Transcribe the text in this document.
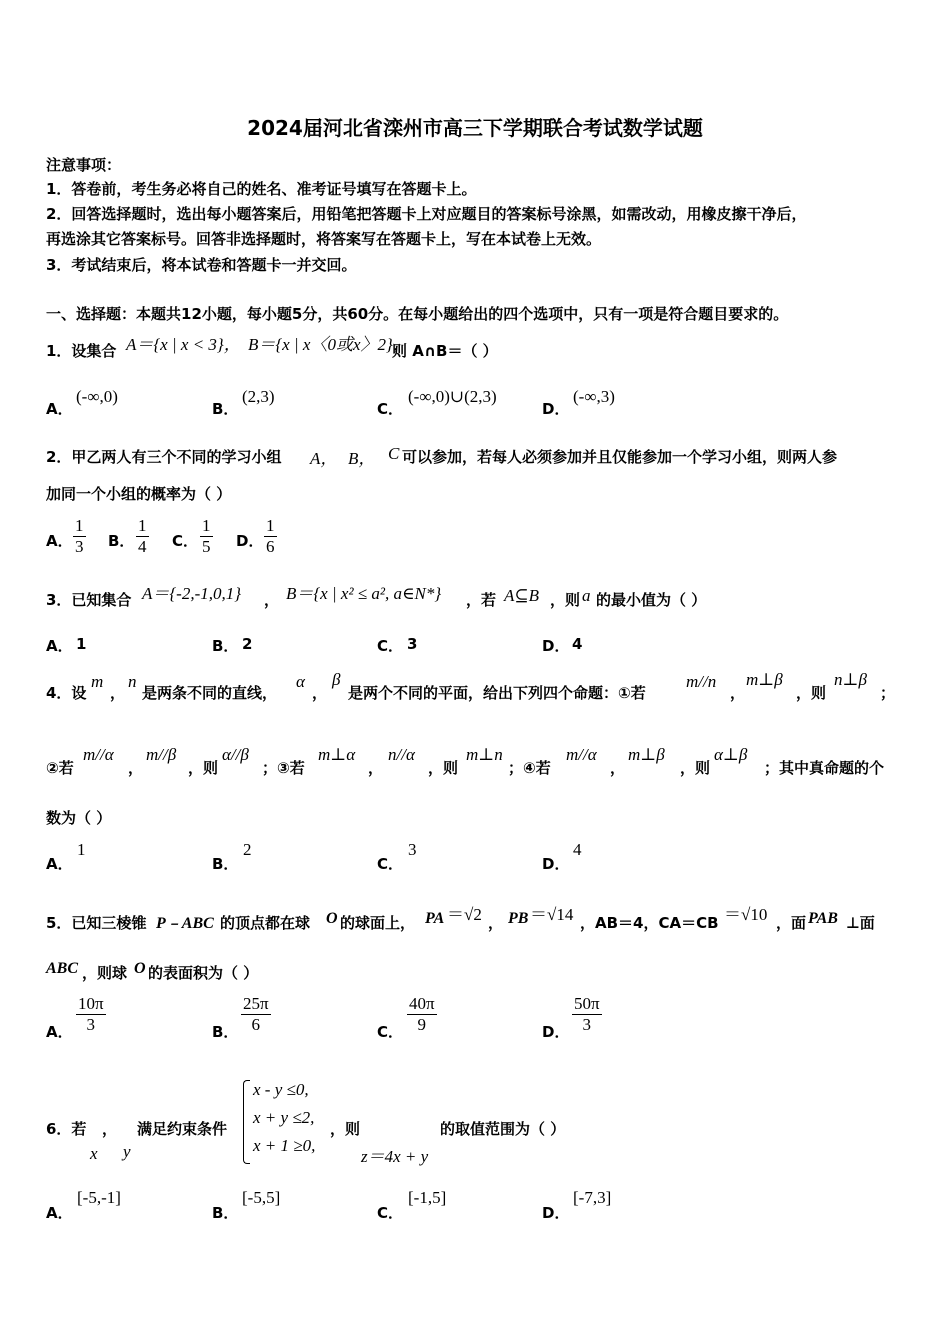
2024届河北省滦州市高三下学期联合考试数学试题
注意事项：
1．答卷前，考生务必将自己的姓名、准考证号填写在答题卡上。
2．回答选择题时，选出每小题答案后，用铅笔把答题卡上对应题目的答案标号涂黑，如需改动，用橡皮擦干净后，
再选涂其它答案标号。回答非选择题时，将答案写在答题卡上，写在本试卷上无效。
3．考试结束后，将本试卷和答题卡一并交回。
一、选择题：本题共12小题，每小题5分，共60分。在每小题给出的四个选项中，只有一项是符合题目要求的。
1．设集合 A＝{x | x < 3}， B＝{x | x〈0或x〉2}，
则 A∩B＝（ ）
A．
(-∞,0)
B．
(2,3)
C．
(-∞,0)∪(2,3)
D．
(-∞,3)
2．甲乙两人有三个不同的学习小组 A， B， C 可以参加，若每人必须参加并且仅能参加一个学习小组，则两人参
加同一个小组的概率为（ ）
A． $\frac{1}{3}$ B． $\frac{1}{4}$ C． $\frac{1}{5}$ D． $\frac{1}{6}$
3．已知集合 A＝{-2,-1,0,1} ， B＝{x | x² ≤ a², a∈N*} ，若 A⊆B ，则 a 的最小值为（ ）
A． 1	B． 2	C． 3	D． 4
4．设
m
，
n
是两条不同的直线，
α
，
β
是两个不同的平面，给出下列四个命题：①若
m//n
，
m⊥β
，则
n⊥β
；
②若
m//α
，
m//β
，则
α//β
；③若
m⊥α
，
n//α
，则
m⊥n
；④若
m//α
，
m⊥β
，则
α⊥β
；其中真命题的个
数为（ ）
A．
1
B．
2
C．
3
D．
4
5．已知三棱锥 P﹣ABC 的顶点都在球 O 的球面上， PA ＝√2 ， PB ＝√14 ，AB＝4，CA＝CB ＝√10 ，面 PAB ⊥面
ABC ，则球 O 的表面积为（ ）
A． $\frac{10\pi}{3}$	B． $\frac{25\pi}{6}$	C． $\frac{40\pi}{9}$	D． $\frac{50\pi}{3}$
6．若 ， 满足约束条件
x y
x - y ≤0,
x + y ≤2,
x + 1 ≥0,
，则
z＝4x + y
的取值范围为（ ）
A．
[-5,-1]
B．
[-5,5]
C．
[-1,5]
D．
[-7,3]
